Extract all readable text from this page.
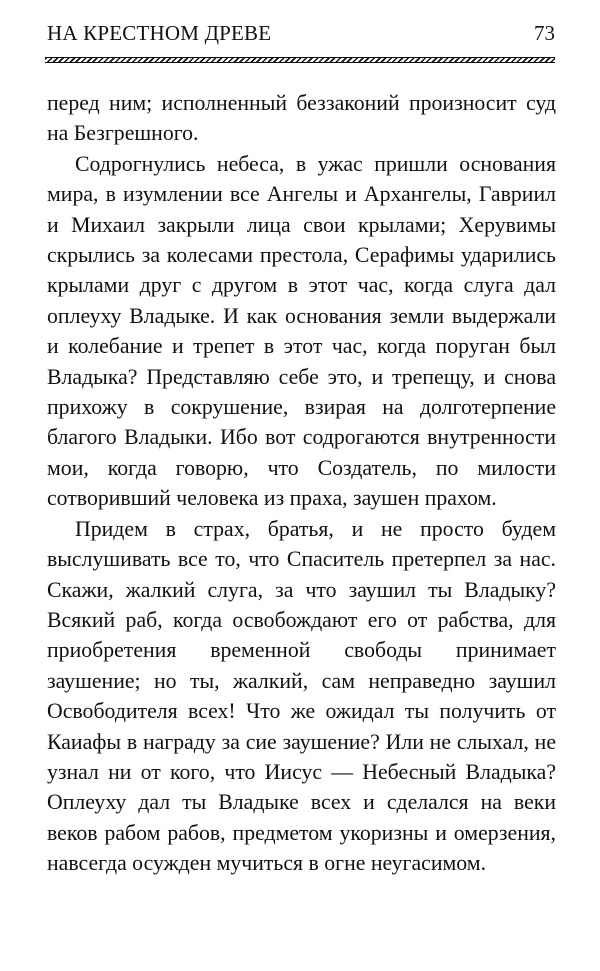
НА КРЕСТНОМ ДРЕВЕ	73

перед ним; исполненный беззаконий произносит суд на Безгрешного.

Содрогнулись небеса, в ужас пришли основания мира, в изумлении все Ангелы и Архангелы, Гавриил и Михаил закрыли лица свои крылами; Херувимы скрылись за колесами престола, Серафимы ударились крылами друг с другом в этот час, когда слуга дал оплеуху Владыке. И как основания земли выдержали и колебание и трепет в этот час, когда поруган был Владыка? Представляю себе это, и трепещу, и снова прихожу в сокрушение, взирая на долготерпение благого Владыки. Ибо вот содрогаются внутренности мои, когда говорю, что Создатель, по милости сотворивший человека из праха, заушен прахом.

Придем в страх, братья, и не просто будем выслушивать все то, что Спаситель претерпел за нас. Скажи, жалкий слуга, за что заушил ты Владыку? Всякий раб, когда освобождают его от рабства, для приобретения временной свободы принимает заушение; но ты, жалкий, сам неправедно заушил Освободителя всех! Что же ожидал ты получить от Каиафы в награду за сие заушение? Или не слыхал, не узнал ни от кого, что Иисус — Небесный Владыка? Оплеуху дал ты Владыке всех и сделался на веки веков рабом рабов, предметом укоризны и омерзения, навсегда осужден мучиться в огне неугасимом.
